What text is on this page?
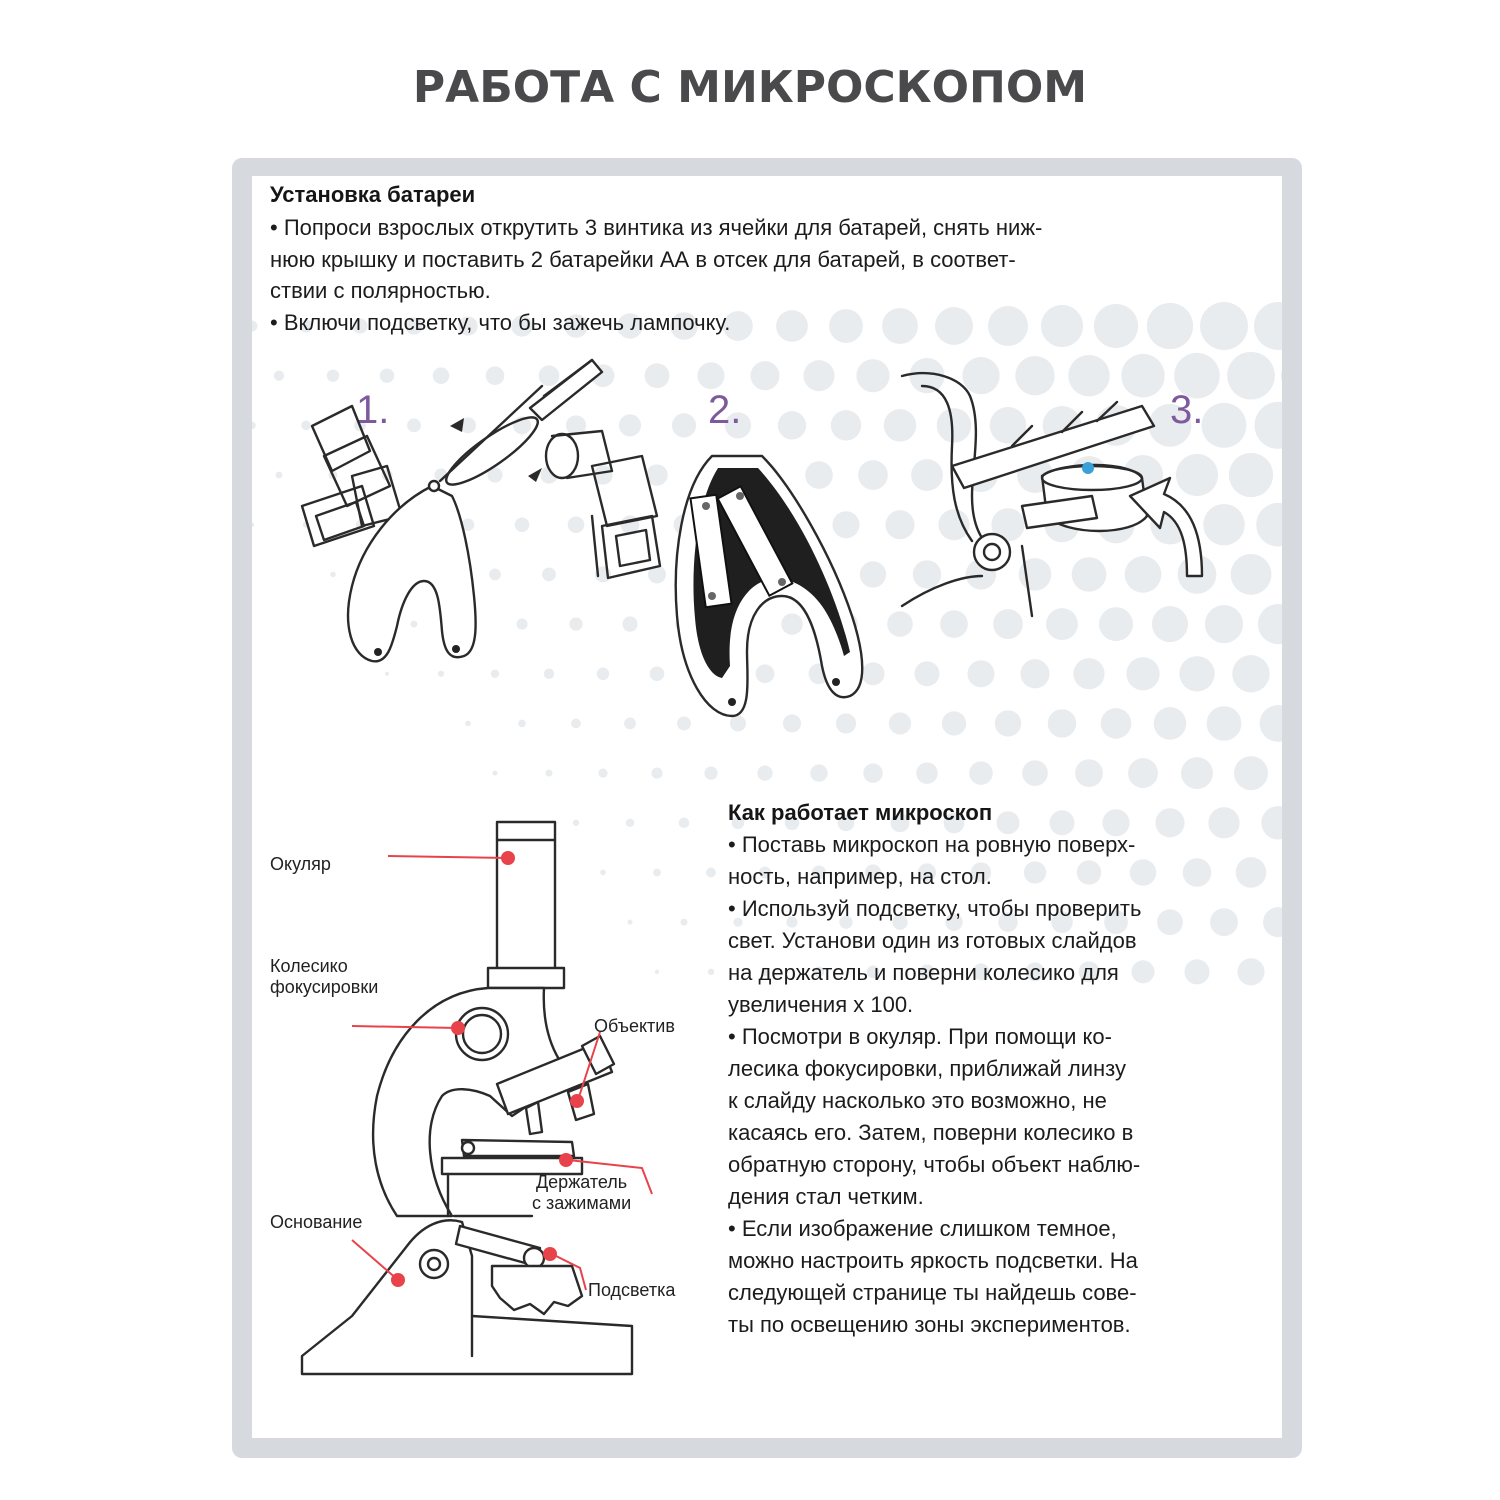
РАБОТА С МИКРОСКОПОМ
Установка батареи

• Попроси взрослых открутить 3 винтика из ячейки для батарей, снять ниж-

нюю крышку и поставить 2 батарейки АА в отсек для батарей, в соответ-

ствии с полярностью.

• Включи подсветку, что бы зажечь лампочку.

1.	2.	3.
Окуляр
Колесико
фокусировки
Объектив
Держатель
с зажимами
Основание
Подсветка
Как работает микроскоп

• Поставь микроскоп на ровную поверх-

ность, например, на стол.

• Используй подсветку, чтобы проверить

свет. Установи один из готовых слайдов

на держатель и поверни колесико для

увеличения х 100.

• Посмотри в окуляр. При помощи ко-

лесика фокусировки, приближай линзу

к слайду насколько это возможно, не

касаясь его. Затем, поверни колесико в

обратную сторону, чтобы объект наблю-

дения стал четким.

• Если изображение слишком темное,

можно настроить яркость подсветки. На

следующей странице ты найдешь сове-

ты по освещению зоны экспериментов.
